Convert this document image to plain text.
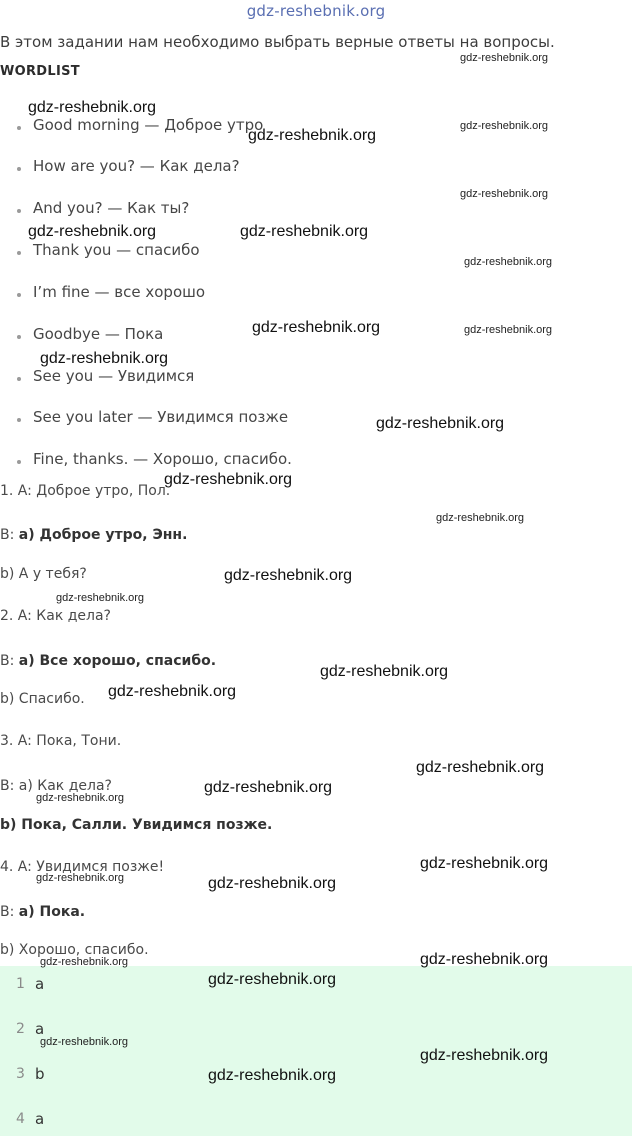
gdz-reshebnik.org
В этом задании нам необходимо выбрать верные ответы на вопросы.
WORDLIST
Good morning — Доброе утро
How are you? — Как дела?
And you? — Как ты?
Thank you — спасибо
I’m fine — все хорошо
Goodbye — Пока
See you — Увидимся
See you later — Увидимся позже
Fine, thanks. — Хорошо, спасибо.
1. A: Доброе утро, Пол.
B: a) Доброе утро, Энн.
b) А у тебя?
2. A: Как дела?
B: a) Все хорошо, спасибо.
b) Спасибо.
3. A: Пока, Тони.
B: a) Как дела?
b) Пока, Салли. Увидимся позже.
4. A: Увидимся позже!
B: a) Пока.
b) Хорошо, спасибо.
1 a
2 a
3 b
4 a
gdz-reshebnik.org
gdz-reshebnik.org
gdz-reshebnik.org
gdz-reshebnik.org
gdz-reshebnik.org
gdz-reshebnik.org	gdz-reshebnik.org
gdz-reshebnik.org
gdz-reshebnik.org	gdz-reshebnik.org
gdz-reshebnik.org
gdz-reshebnik.org
gdz-reshebnik.org
gdz-reshebnik.org
gdz-reshebnik.org
gdz-reshebnik.org
gdz-reshebnik.org
gdz-reshebnik.org
gdz-reshebnik.org
gdz-reshebnik.org
gdz-reshebnik.org
gdz-reshebnik.org
gdz-reshebnik.org	gdz-reshebnik.org
gdz-reshebnik.org
gdz-reshebnik.org
gdz-reshebnik.org
gdz-reshebnik.org
gdz-reshebnik.org
gdz-reshebnik.org
